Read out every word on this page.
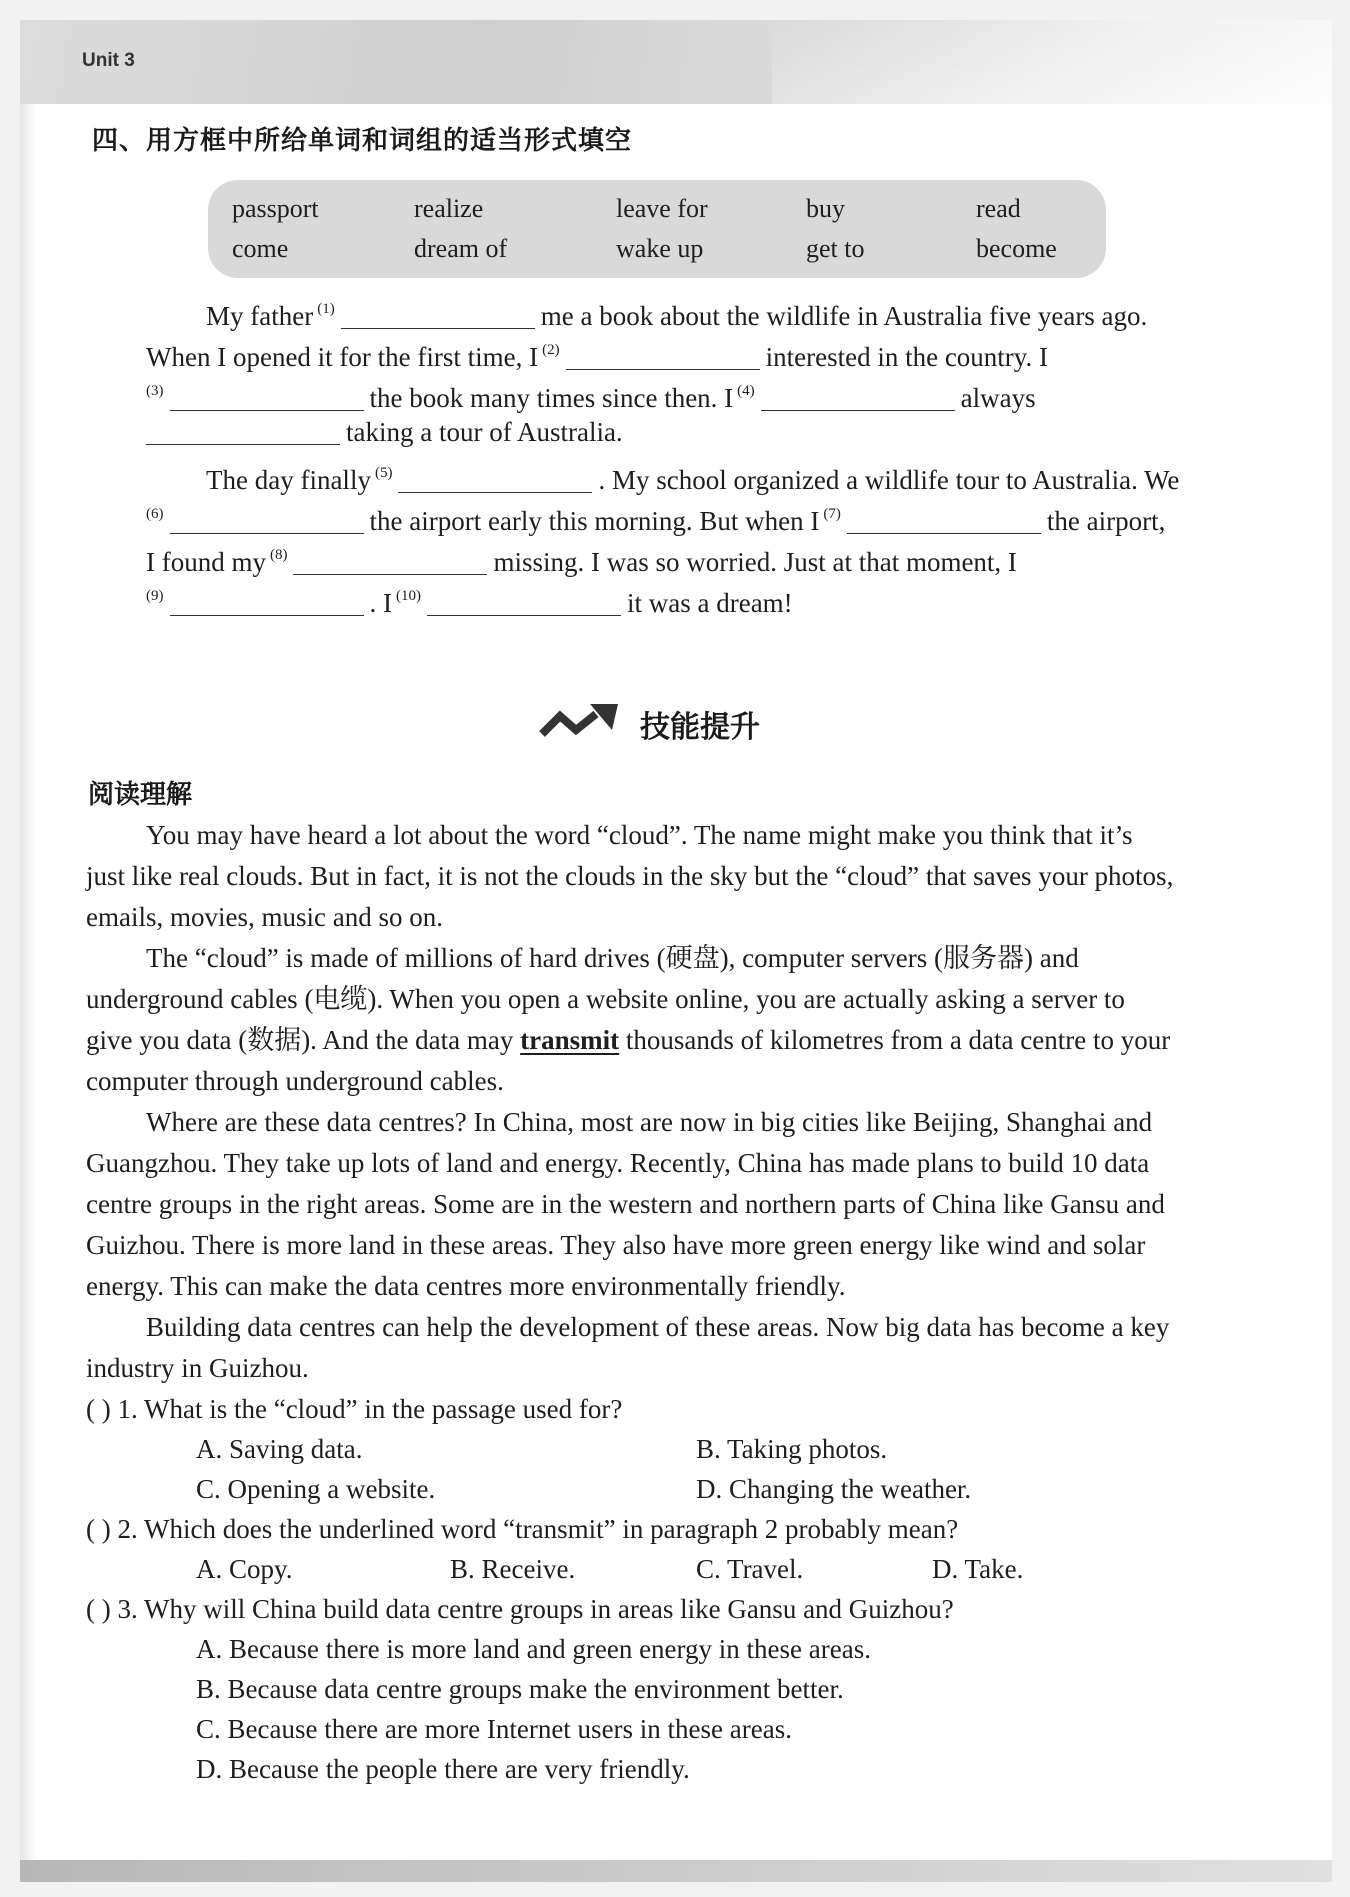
Unit 3
四、用方框中所给单词和词组的适当形式填空
passport	realize	leave for	buy	read
come	dream of	wake up	get to	become
My father $^{(1)}$	me a book about the wildlife in Australia five years ago.
When I opened it for the first time, I $^{(2)}$	interested in the country. I
$^{(3)}$	the book many times since then. I $^{(4)}$	always
taking a tour of Australia.
The day finally $^{(5)}$	. My school organized a wildlife tour to Australia. We
$^{(6)}$	the airport early this morning. But when I $^{(7)}$	the airport,
I found my $^{(8)}$	missing. I was so worried. Just at that moment, I
$^{(9)}$	. I $^{(10)}$	it was a dream!
技能提升
阅读理解
You may have heard a lot about the word “cloud”. The name might make you think that it’s
just like real clouds. But in fact, it is not the clouds in the sky but the “cloud” that saves your photos,
emails, movies, music and so on.
The “cloud” is made of millions of hard drives (硬盘), computer servers (服务器) and
underground cables (电缆). When you open a website online, you are actually asking a server to
give you data (数据). And the data may transmit thousands of kilometres from a data centre to your
computer through underground cables.
Where are these data centres? In China, most are now in big cities like Beijing, Shanghai and
Guangzhou. They take up lots of land and energy. Recently, China has made plans to build 10 data
centre groups in the right areas. Some are in the western and northern parts of China like Gansu and
Guizhou. There is more land in these areas. They also have more green energy like wind and solar
energy. This can make the data centres more environmentally friendly.
Building data centres can help the development of these areas. Now big data has become a key
industry in Guizhou.
( ) 1. What is the “cloud” in the passage used for?
A. Saving data.	B. Taking photos.
C. Opening a website.	D. Changing the weather.
( ) 2. Which does the underlined word “transmit” in paragraph 2 probably mean?
A. Copy.	B. Receive.	C. Travel.	D. Take.
( ) 3. Why will China build data centre groups in areas like Gansu and Guizhou?
A. Because there is more land and green energy in these areas.
B. Because data centre groups make the environment better.
C. Because there are more Internet users in these areas.
D. Because the people there are very friendly.
